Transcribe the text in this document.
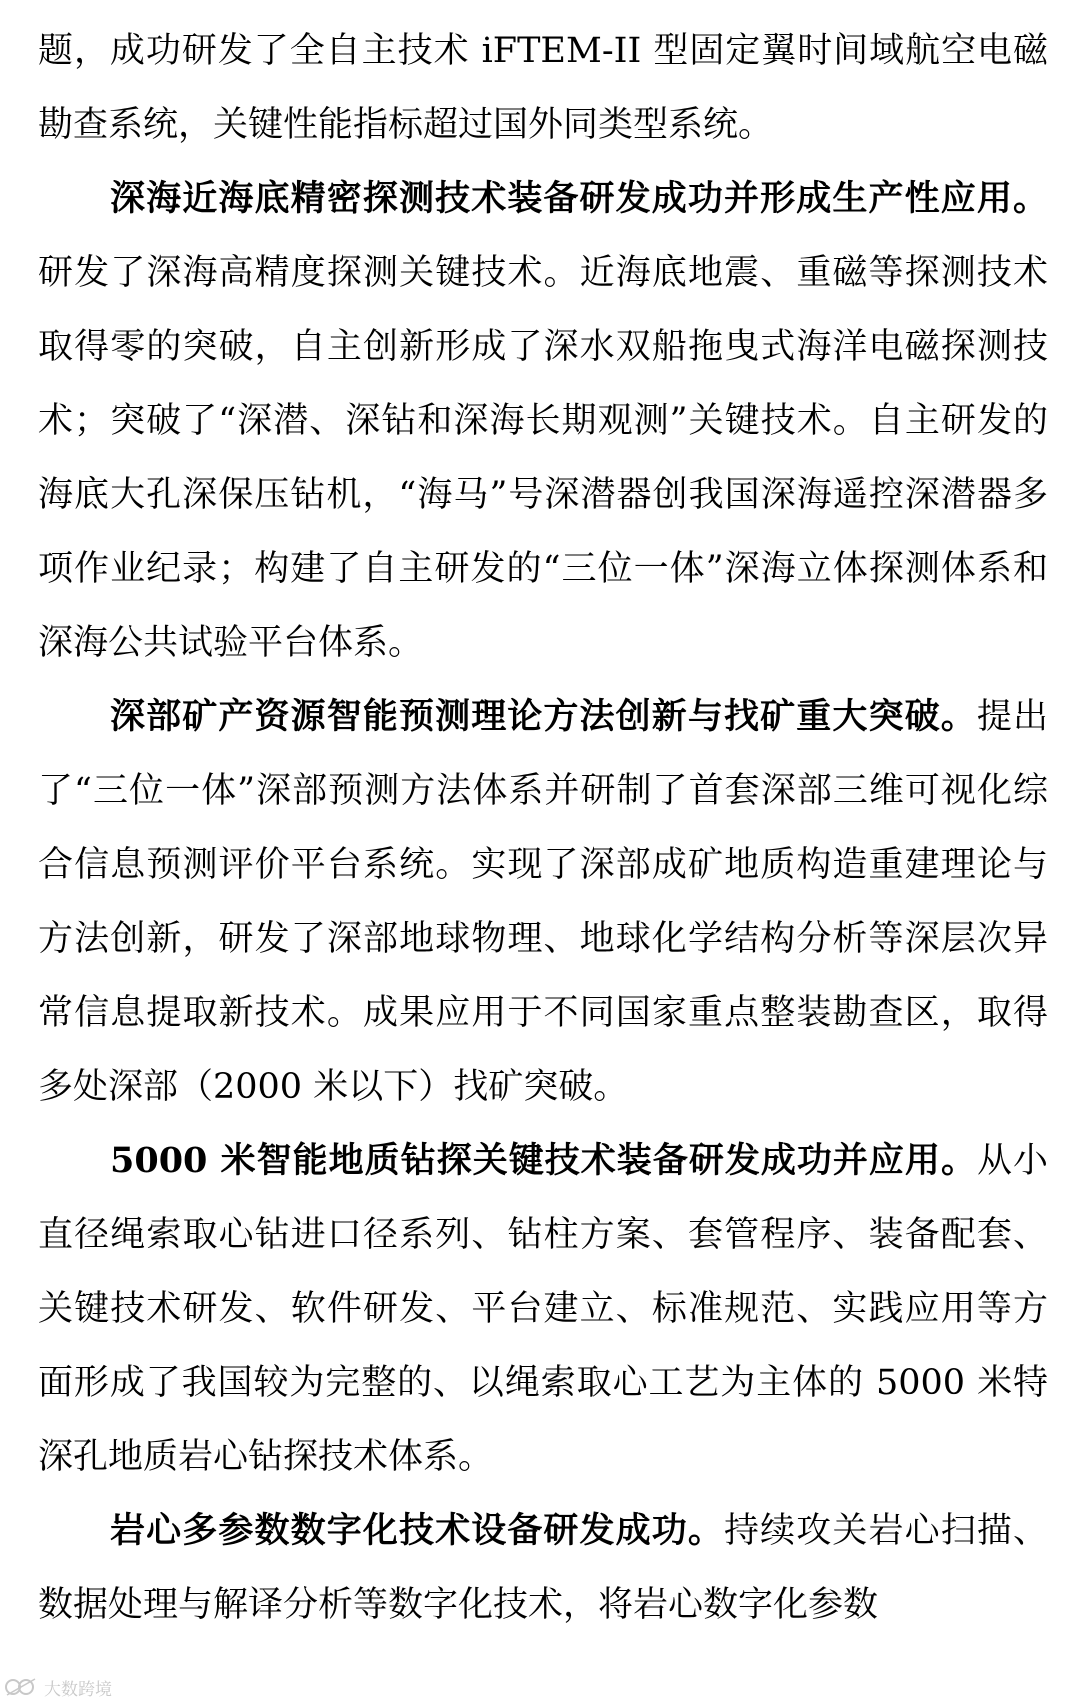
题，成功研发了全自主技术 iFTEM-II 型固定翼时间域航空电磁勘查系统，关键性能指标超过国外同类型系统。

深海近海底精密探测技术装备研发成功并形成生产性应用。研发了深海高精度探测关键技术。近海底地震、重磁等探测技术取得零的突破，自主创新形成了深水双船拖曳式海洋电磁探测技术；突破了“深潜、深钻和深海长期观测”关键技术。自主研发的海底大孔深保压钻机，“海马”号深潜器创我国深海遥控深潜器多项作业纪录；构建了自主研发的“三位一体”深海立体探测体系和深海公共试验平台体系。

深部矿产资源智能预测理论方法创新与找矿重大突破。提出了“三位一体”深部预测方法体系并研制了首套深部三维可视化综合信息预测评价平台系统。实现了深部成矿地质构造重建理论与方法创新，研发了深部地球物理、地球化学结构分析等深层次异常信息提取新技术。成果应用于不同国家重点整装勘查区，取得多处深部（2000 米以下）找矿突破。

5000 米智能地质钻探关键技术装备研发成功并应用。从小直径绳索取心钻进口径系列、钻柱方案、套管程序、装备配套、关键技术研发、软件研发、平台建立、标准规范、实践应用等方面形成了我国较为完整的、以绳索取心工艺为主体的 5000 米特深孔地质岩心钻探技术体系。

岩心多参数数字化技术设备研发成功。持续攻关岩心扫描、数据处理与解译分析等数字化技术，将岩心数字化参数

大数跨境
